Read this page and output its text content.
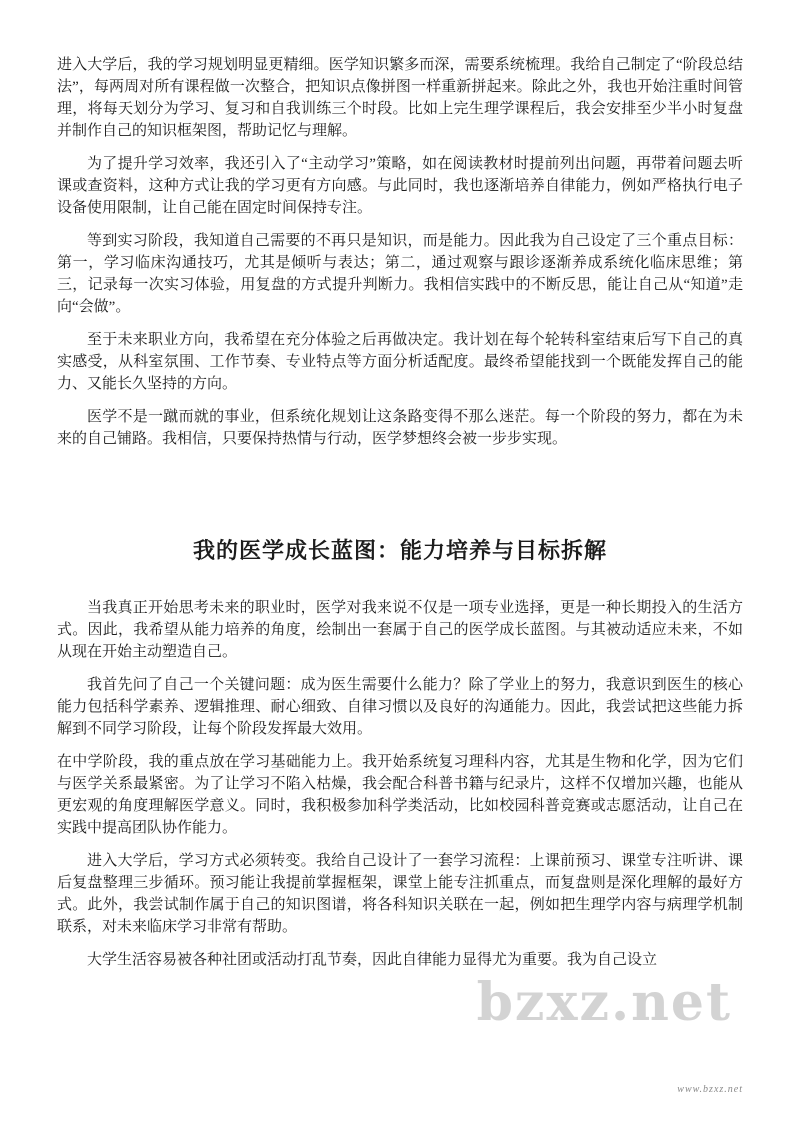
bzxz.net

进入大学后，我的学习规划明显更精细。医学知识繁多而深，需要系统梳理。我给自己制定了“阶段总结法”，每两周对所有课程做一次整合，把知识点像拼图一样重新拼起来。除此之外，我也开始注重时间管理，将每天划分为学习、复习和自我训练三个时段。比如上完生理学课程后，我会安排至少半小时复盘并制作自己的知识框架图，帮助记忆与理解。

为了提升学习效率，我还引入了“主动学习”策略，如在阅读教材时提前列出问题，再带着问题去听课或查资料，这种方式让我的学习更有方向感。与此同时，我也逐渐培养自律能力，例如严格执行电子设备使用限制，让自己能在固定时间保持专注。

等到实习阶段，我知道自己需要的不再只是知识，而是能力。因此我为自己设定了三个重点目标：第一，学习临床沟通技巧，尤其是倾听与表达；第二，通过观察与跟诊逐渐养成系统化临床思维；第三，记录每一次实习体验，用复盘的方式提升判断力。我相信实践中的不断反思，能让自己从“知道”走向“会做”。

至于未来职业方向，我希望在充分体验之后再做决定。我计划在每个轮转科室结束后写下自己的真实感受，从科室氛围、工作节奏、专业特点等方面分析适配度。最终希望能找到一个既能发挥自己的能力、又能长久坚持的方向。

医学不是一蹴而就的事业，但系统化规划让这条路变得不那么迷茫。每一个阶段的努力，都在为未来的自己铺路。我相信，只要保持热情与行动，医学梦想终会被一步步实现。

我的医学成长蓝图：能力培养与目标拆解

当我真正开始思考未来的职业时，医学对我来说不仅是一项专业选择，更是一种长期投入的生活方式。因此，我希望从能力培养的角度，绘制出一套属于自己的医学成长蓝图。与其被动适应未来，不如从现在开始主动塑造自己。

我首先问了自己一个关键问题：成为医生需要什么能力？除了学业上的努力，我意识到医生的核心能力包括科学素养、逻辑推理、耐心细致、自律习惯以及良好的沟通能力。因此，我尝试把这些能力拆解到不同学习阶段，让每个阶段发挥最大效用。

在中学阶段，我的重点放在学习基础能力上。我开始系统复习理科内容，尤其是生物和化学，因为它们与医学关系最紧密。为了让学习不陷入枯燥，我会配合科普书籍与纪录片，这样不仅增加兴趣，也能从更宏观的角度理解医学意义。同时，我积极参加科学类活动，比如校园科普竞赛或志愿活动，让自己在实践中提高团队协作能力。

进入大学后，学习方式必须转变。我给自己设计了一套学习流程：上课前预习、课堂专注听讲、课后复盘整理三步循环。预习能让我提前掌握框架，课堂上能专注抓重点，而复盘则是深化理解的最好方式。此外，我尝试制作属于自己的知识图谱，将各科知识关联在一起，例如把生理学内容与病理学机制联系，对未来临床学习非常有帮助。

大学生活容易被各种社团或活动打乱节奏，因此自律能力显得尤为重要。我为自己设立

www.bzxz.net
